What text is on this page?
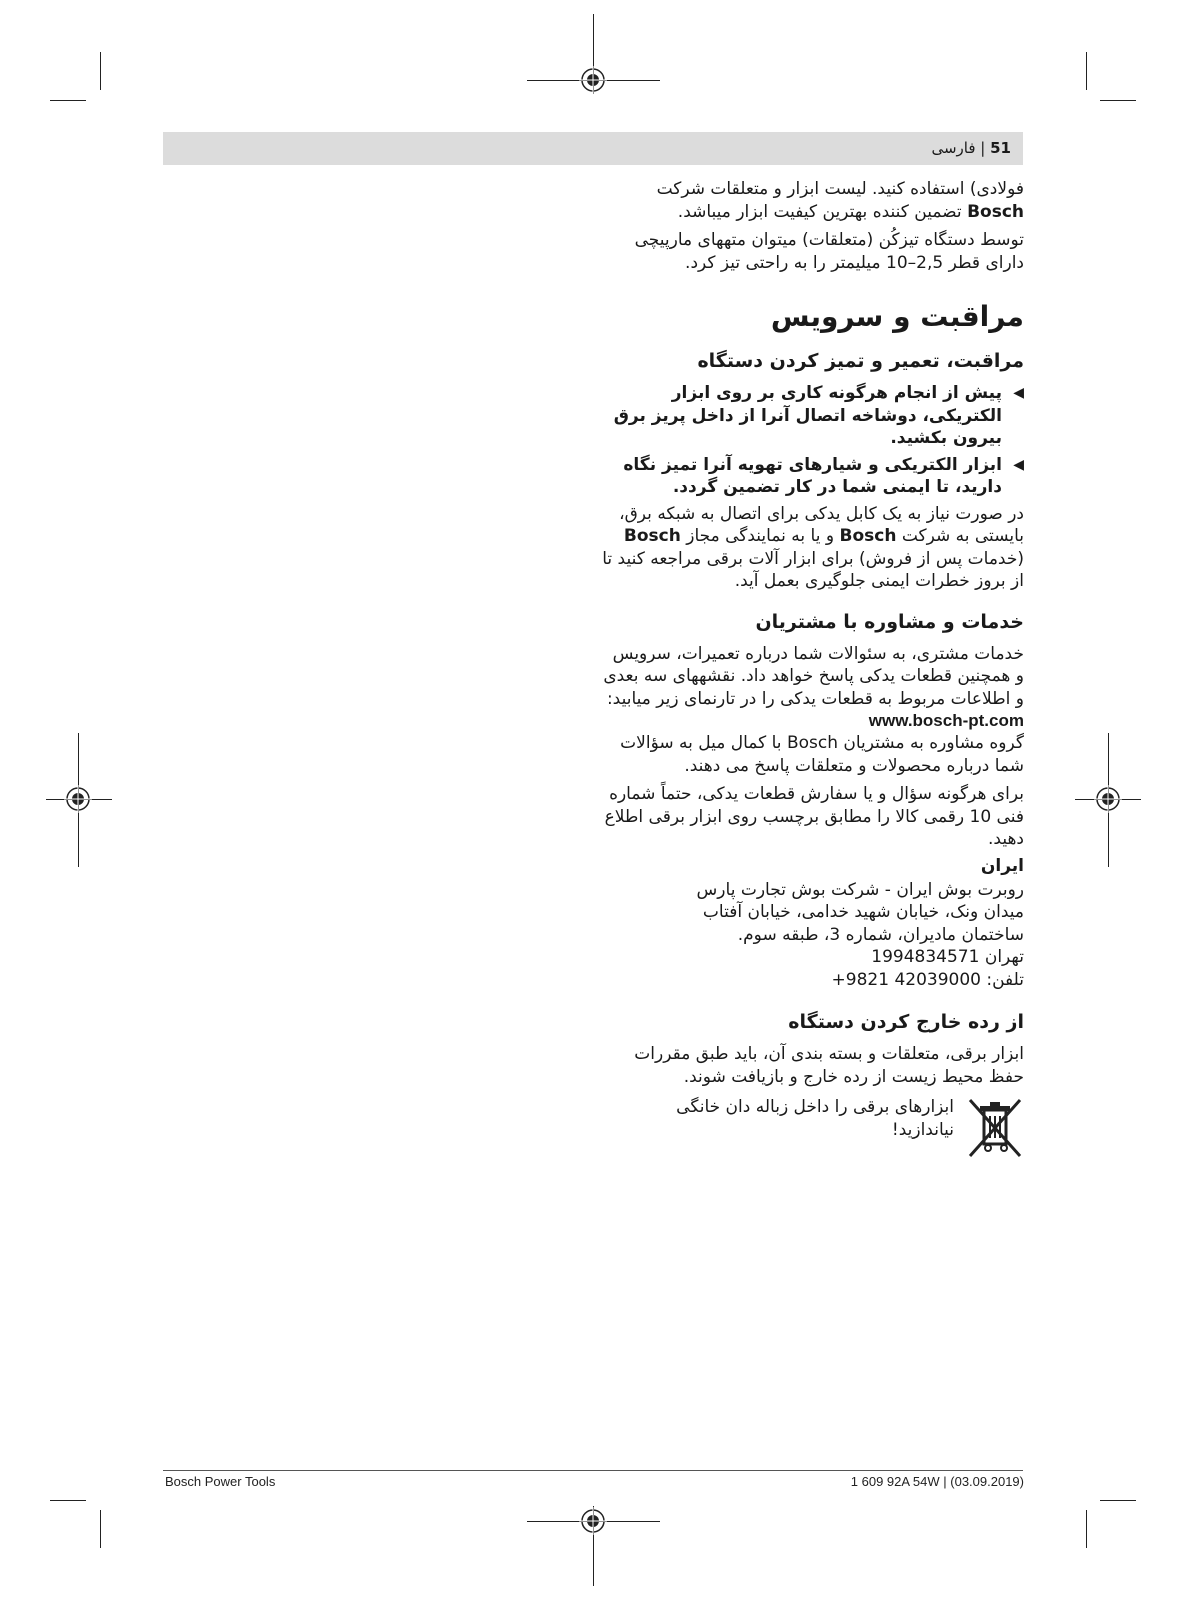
51 | فارسی

فولادی) استفاده کنید. لیست ابزار و متعلقات شرکت Bosch تضمین کننده بهترین کیفیت ابزار میباشد.

توسط دستگاه تیزکُن (متعلقات) میتوان متههای مارپیچی دارای قطر 2,5–10 میلیمتر را به راحتی تیز کرد.

مراقبت و سرویس
مراقبت، تعمیر و تمیز کردن دستگاه
◀
پیش از انجام هرگونه کاری بر روی ابزار الکتریکی، دوشاخه اتصال آنرا از داخل پریز برق بیرون بکشید.
◀
ابزار الکتریکی و شیارهای تهویه آنرا تمیز نگاه دارید، تا ایمنی شما در کار تضمین گردد.

در صورت نیاز به یک کابل یدکی برای اتصال به شبکه برق، بایستی به شرکت Bosch و یا به نمایندگی مجاز Bosch (خدمات پس از فروش) برای ابزار آلات برقی مراجعه کنید تا از بروز خطرات ایمنی جلوگیری بعمل آید.

خدمات و مشاوره با مشتریان

خدمات مشتری، به سئوالات شما درباره تعمیرات، سرویس و همچنین قطعات یدکی پاسخ خواهد داد. نقشههای سه بعدی و اطلاعات مربوط به قطعات یدکی را در تارنمای زیر میابید:

www.bosch-pt.com

گروه مشاوره به مشتریان Bosch با کمال میل به سؤالات شما درباره محصولات و متعلقات پاسخ می دهند.

برای هرگونه سؤال و یا سفارش قطعات یدکی، حتماً شماره فنی 10 رقمی کالا را مطابق برچسب روی ابزار برقی اطلاع دهید.

ایران

روبرت بوش ایران - شرکت بوش تجارت پارس

میدان ونک، خیابان شهید خدامی، خیابان آفتاب

ساختمان مادیران، شماره 3، طبقه سوم.

تهران 1994834571

تلفن: 42039000 9821+

از رده خارج کردن دستگاه

ابزار برقی، متعلقات و بسته بندی آن، باید طبق مقررات حفظ محیط زیست از رده خارج و بازیافت شوند.

ابزارهای برقی را داخل زباله دان خانگی نیاندازید!

Bosch Power Tools	1 609 92A 54W | (03.09.2019)
